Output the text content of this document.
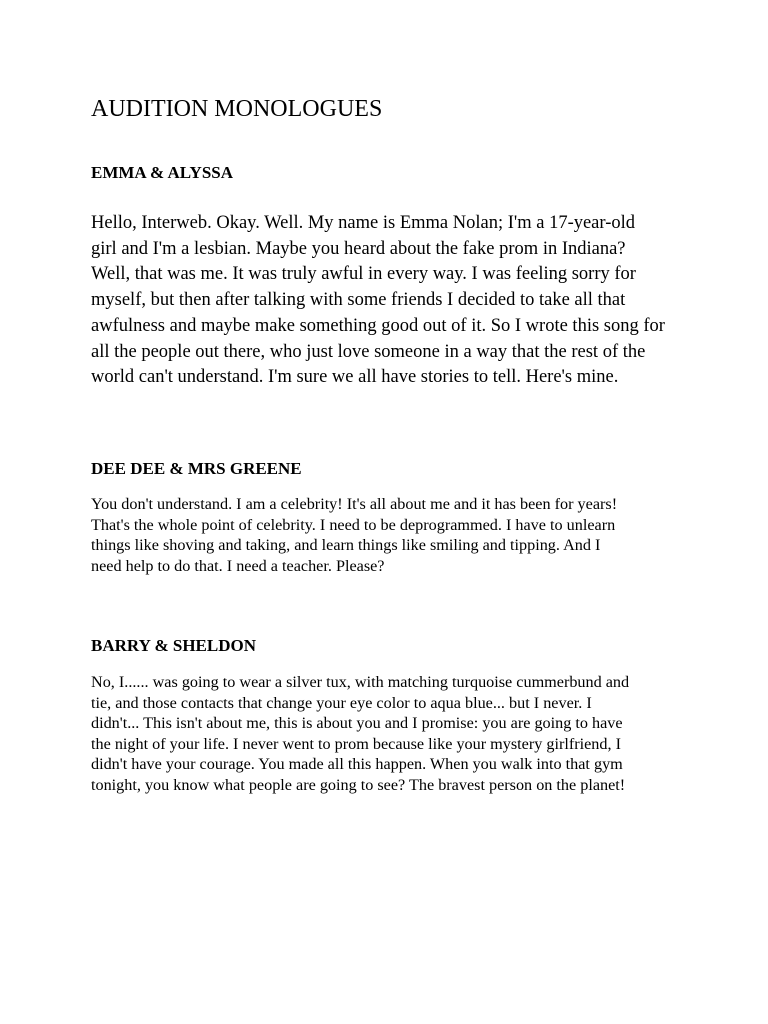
AUDITION MONOLOGUES
EMMA & ALYSSA

Hello, Interweb. Okay. Well. My name is Emma Nolan; I'm a 17-year-old
girl and I'm a lesbian. Maybe you heard about the fake prom in Indiana?
Well, that was me. It was truly awful in every way. I was feeling sorry for
myself, but then after talking with some friends I decided to take all that
awfulness and maybe make something good out of it. So I wrote this song for
all the people out there, who just love someone in a way that the rest of the
world can't understand. I'm sure we all have stories to tell. Here's mine.

DEE DEE & MRS GREENE

You don't understand. I am a celebrity! It's all about me and it has been for years!
That's the whole point of celebrity. I need to be deprogrammed. I have to unlearn
things like shoving and taking, and learn things like smiling and tipping. And I
need help to do that. I need a teacher. Please?

BARRY & SHELDON

No, I...... was going to wear a silver tux, with matching turquoise cummerbund and
tie, and those contacts that change your eye color to aqua blue... but I never. I
didn't... This isn't about me, this is about you and I promise: you are going to have
the night of your life. I never went to prom because like your mystery girlfriend, I
didn't have your courage. You made all this happen. When you walk into that gym
tonight, you know what people are going to see? The bravest person on the planet!
